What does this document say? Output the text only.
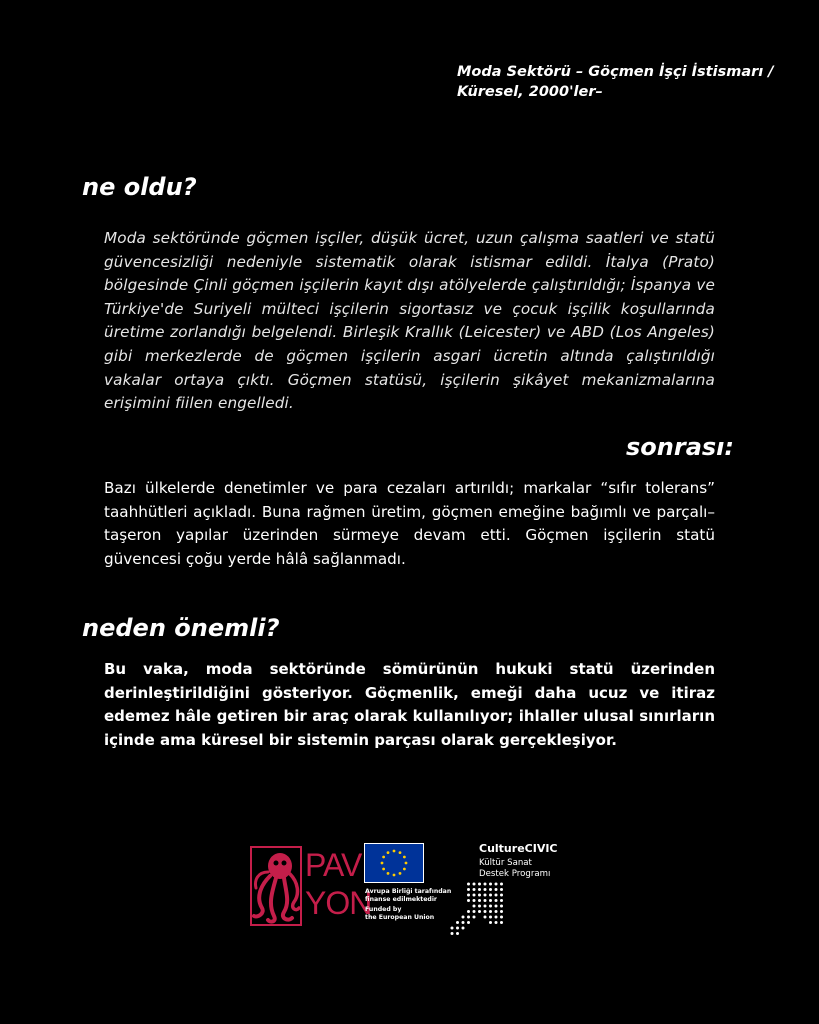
Moda Sektörü – Göçmen İşçi İstismarı / Küresel, 2000'ler–
ne oldu?
Moda sektöründe göçmen işçiler, düşük ücret, uzun çalışma saatleri ve statü güvencesizliği nedeniyle sistematik olarak istismar edildi. İtalya (Prato) bölgesinde Çinli göçmen işçilerin kayıt dışı atölyelerde çalıştırıldığı; İspanya ve Türkiye'de Suriyeli mülteci işçilerin sigortasız ve çocuk işçilik koşullarında üretime zorlandığı belgelendi. Birleşik Krallık (Leicester) ve ABD (Los Angeles) gibi merkezlerde de göçmen işçilerin asgari ücretin altında çalıştırıldığı vakalar ortaya çıktı. Göçmen statüsü, işçilerin şikâyet mekanizmalarına erişimini fiilen engelledi.
sonrası:
Bazı ülkelerde denetimler ve para cezaları artırıldı; markalar “sıfır tolerans” taahhütleri açıkladı. Buna rağmen üretim, göçmen emeğine bağımlı ve parçalı–taşeron yapılar üzerinden sürmeye devam etti. Göçmen işçilerin statü güvencesi çoğu yerde hâlâ sağlanmadı.
neden önemli?
Bu vaka, moda sektöründe sömürünün hukuki statü üzerinden derinleştirildiğini gösteriyor. Göçmenlik, emeği daha ucuz ve itiraz edemez hâle getiren bir araç olarak kullanılıyor; ihlaller ulusal sınırların içinde ama küresel bir sistemin parçası olarak gerçekleşiyor.
PAV
YON
Avrupa Birliği tarafından
finanse edilmektedir
Funded by
the European Union
CultureCIVIC
Kültür Sanat
Destek Programı
